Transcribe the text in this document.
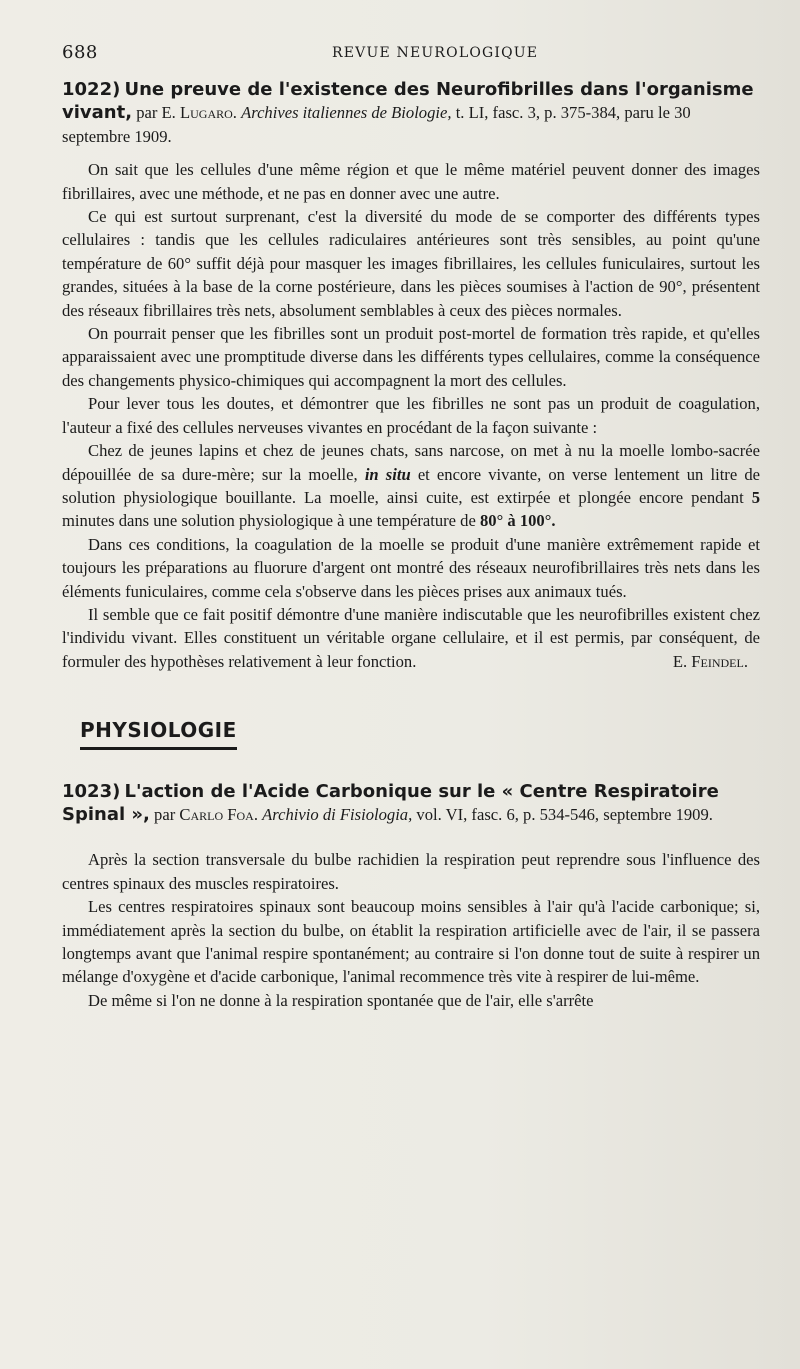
688	REVUE NEUROLOGIQUE
1022) Une preuve de l'existence des Neurofibrilles dans l'organisme vivant, par E. Lugaro. Archives italiennes de Biologie, t. LI, fasc. 3, p. 375-384, paru le 30 septembre 1909.

On sait que les cellules d'une même région et que le même matériel peuvent donner des images fibrillaires, avec une méthode, et ne pas en donner avec une autre.

Ce qui est surtout surprenant, c'est la diversité du mode de se comporter des différents types cellulaires : tandis que les cellules radiculaires antérieures sont très sensibles, au point qu'une température de 60° suffit déjà pour masquer les images fibrillaires, les cellules funiculaires, surtout les grandes, situées à la base de la corne postérieure, dans les pièces soumises à l'action de 90°, présentent des réseaux fibrillaires très nets, absolument semblables à ceux des pièces normales.

On pourrait penser que les fibrilles sont un produit post-mortel de formation très rapide, et qu'elles apparaissaient avec une promptitude diverse dans les différents types cellulaires, comme la conséquence des changements physico-chimiques qui accompagnent la mort des cellules.

Pour lever tous les doutes, et démontrer que les fibrilles ne sont pas un produit de coagulation, l'auteur a fixé des cellules nerveuses vivantes en procédant de la façon suivante :

Chez de jeunes lapins et chez de jeunes chats, sans narcose, on met à nu la moelle lombo-sacrée dépouillée de sa dure-mère; sur la moelle, in situ et encore vivante, on verse lentement un litre de solution physiologique bouillante. La moelle, ainsi cuite, est extirpée et plongée encore pendant 5 minutes dans une solution physiologique à une température de 80° à 100°.

Dans ces conditions, la coagulation de la moelle se produit d'une manière extrêmement rapide et toujours les préparations au fluorure d'argent ont montré des réseaux neurofibrillaires très nets dans les éléments funiculaires, comme cela s'observe dans les pièces prises aux animaux tués.

Il semble que ce fait positif démontre d'une manière indiscutable que les neurofibrilles existent chez l'individu vivant. Elles constituent un véritable organe cellulaire, et il est permis, par conséquent, de formuler des hypothèses relativement à leur fonction.	E. Feindel.
PHYSIOLOGIE
1023) L'action de l'Acide Carbonique sur le « Centre Respiratoire Spinal », par Carlo Foa. Archivio di Fisiologia, vol. VI, fasc. 6, p. 534-546, septembre 1909.

Après la section transversale du bulbe rachidien la respiration peut reprendre sous l'influence des centres spinaux des muscles respiratoires.

Les centres respiratoires spinaux sont beaucoup moins sensibles à l'air qu'à l'acide carbonique; si, immédiatement après la section du bulbe, on établit la respiration artificielle avec de l'air, il se passera longtemps avant que l'animal respire spontanément; au contraire si l'on donne tout de suite à respirer un mélange d'oxygène et d'acide carbonique, l'animal recommence très vite à respirer de lui-même.

De même si l'on ne donne à la respiration spontanée que de l'air, elle s'arrête
